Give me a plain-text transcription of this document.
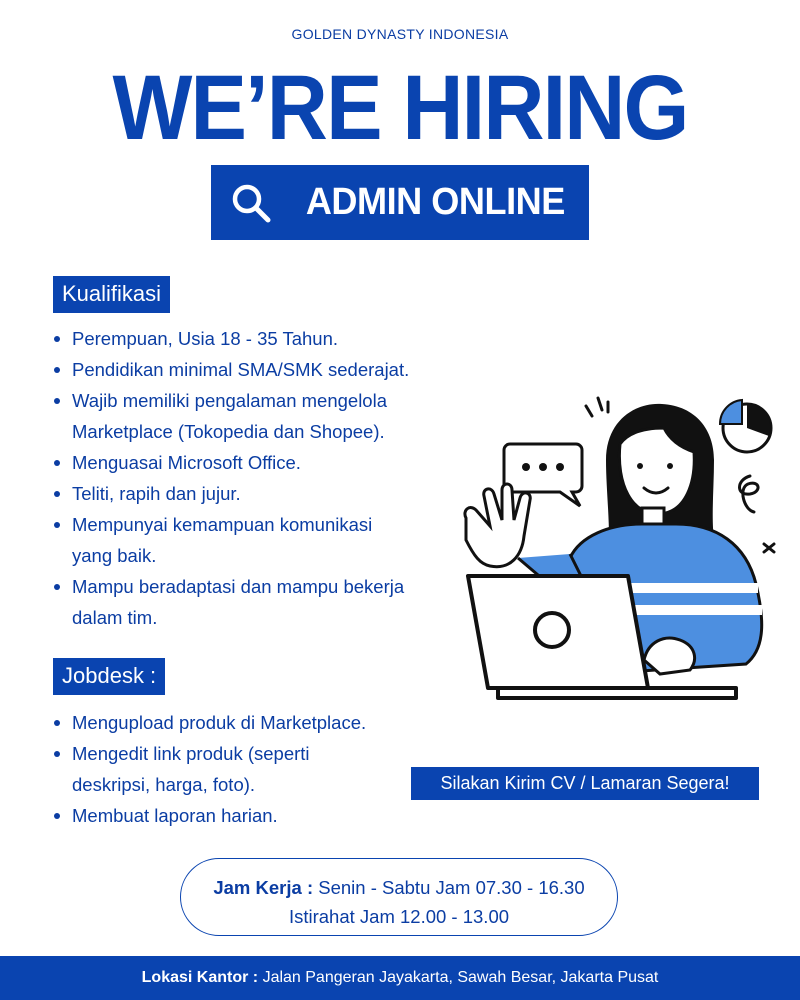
GOLDEN DYNASTY INDONESIA
WE’RE HIRING
ADMIN ONLINE
Kualifikasi
Perempuan, Usia 18 - 35 Tahun.
Pendidikan minimal SMA/SMK sederajat.
Wajib memiliki pengalaman mengelola
Marketplace (Tokopedia dan Shopee).
Menguasai Microsoft Office.
Teliti, rapih dan jujur.
Mempunyai kemampuan komunikasi
yang baik.
Mampu beradaptasi dan mampu bekerja
dalam tim.
Jobdesk :
Mengupload produk di Marketplace.
Mengedit link produk (seperti
deskripsi, harga, foto).
Membuat laporan harian.
Silakan Kirim CV / Lamaran Segera!
Jam Kerja : Senin - Sabtu Jam 07.30 - 16.30
Istirahat Jam 12.00 - 13.00
Lokasi Kantor : Jalan Pangeran Jayakarta, Sawah Besar, Jakarta Pusat
